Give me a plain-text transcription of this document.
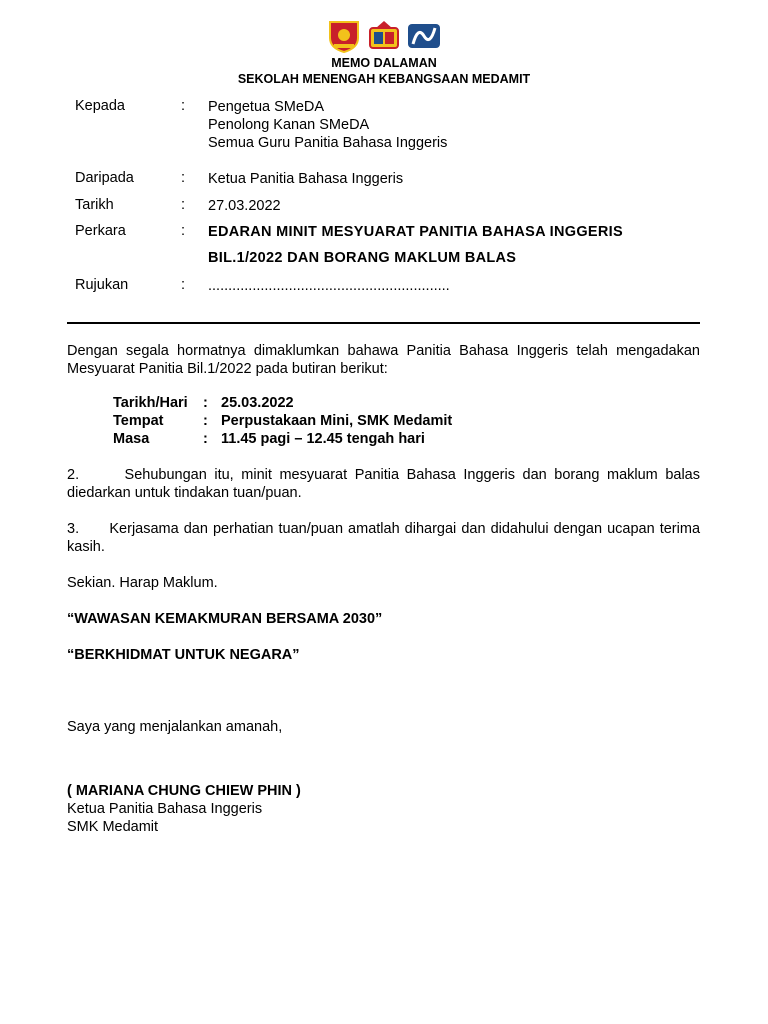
MEMO DALAMAN
SEKOLAH MENENGAH KEBANGSAAN MEDAMIT
Kepada	: Pengetua SMeDA
Penolong Kanan SMeDA
Semua Guru Panitia Bahasa Inggeris
Daripada	: Ketua Panitia Bahasa Inggeris
Tarikh	: 27.03.2022
Perkara	: EDARAN MINIT MESYUARAT PANITIA BAHASA INGGERIS
BIL.1/2022 DAN BORANG MAKLUM BALAS
Rujukan	: ............................................................
Dengan segala hormatnya dimaklumkan bahawa Panitia Bahasa Inggeris telah mengadakan Mesyuarat Panitia Bil.1/2022 pada butiran berikut:
Tarikh/Hari : 25.03.2022
Tempat	: Perpustakaan Mini, SMK Medamit
Masa	: 11.45 pagi – 12.45 tengah hari
2.	Sehubungan itu, minit mesyuarat Panitia Bahasa Inggeris dan borang maklum balas diedarkan untuk tindakan tuan/puan.
3. Kerjasama dan perhatian tuan/puan amatlah dihargai dan didahului dengan ucapan terima kasih.
Sekian. Harap Maklum.
“WAWASAN KEMAKMURAN BERSAMA 2030”
“BERKHIDMAT UNTUK NEGARA”
Saya yang menjalankan amanah,
( MARIANA CHUNG CHIEW PHIN )
Ketua Panitia Bahasa Inggeris
SMK Medamit
